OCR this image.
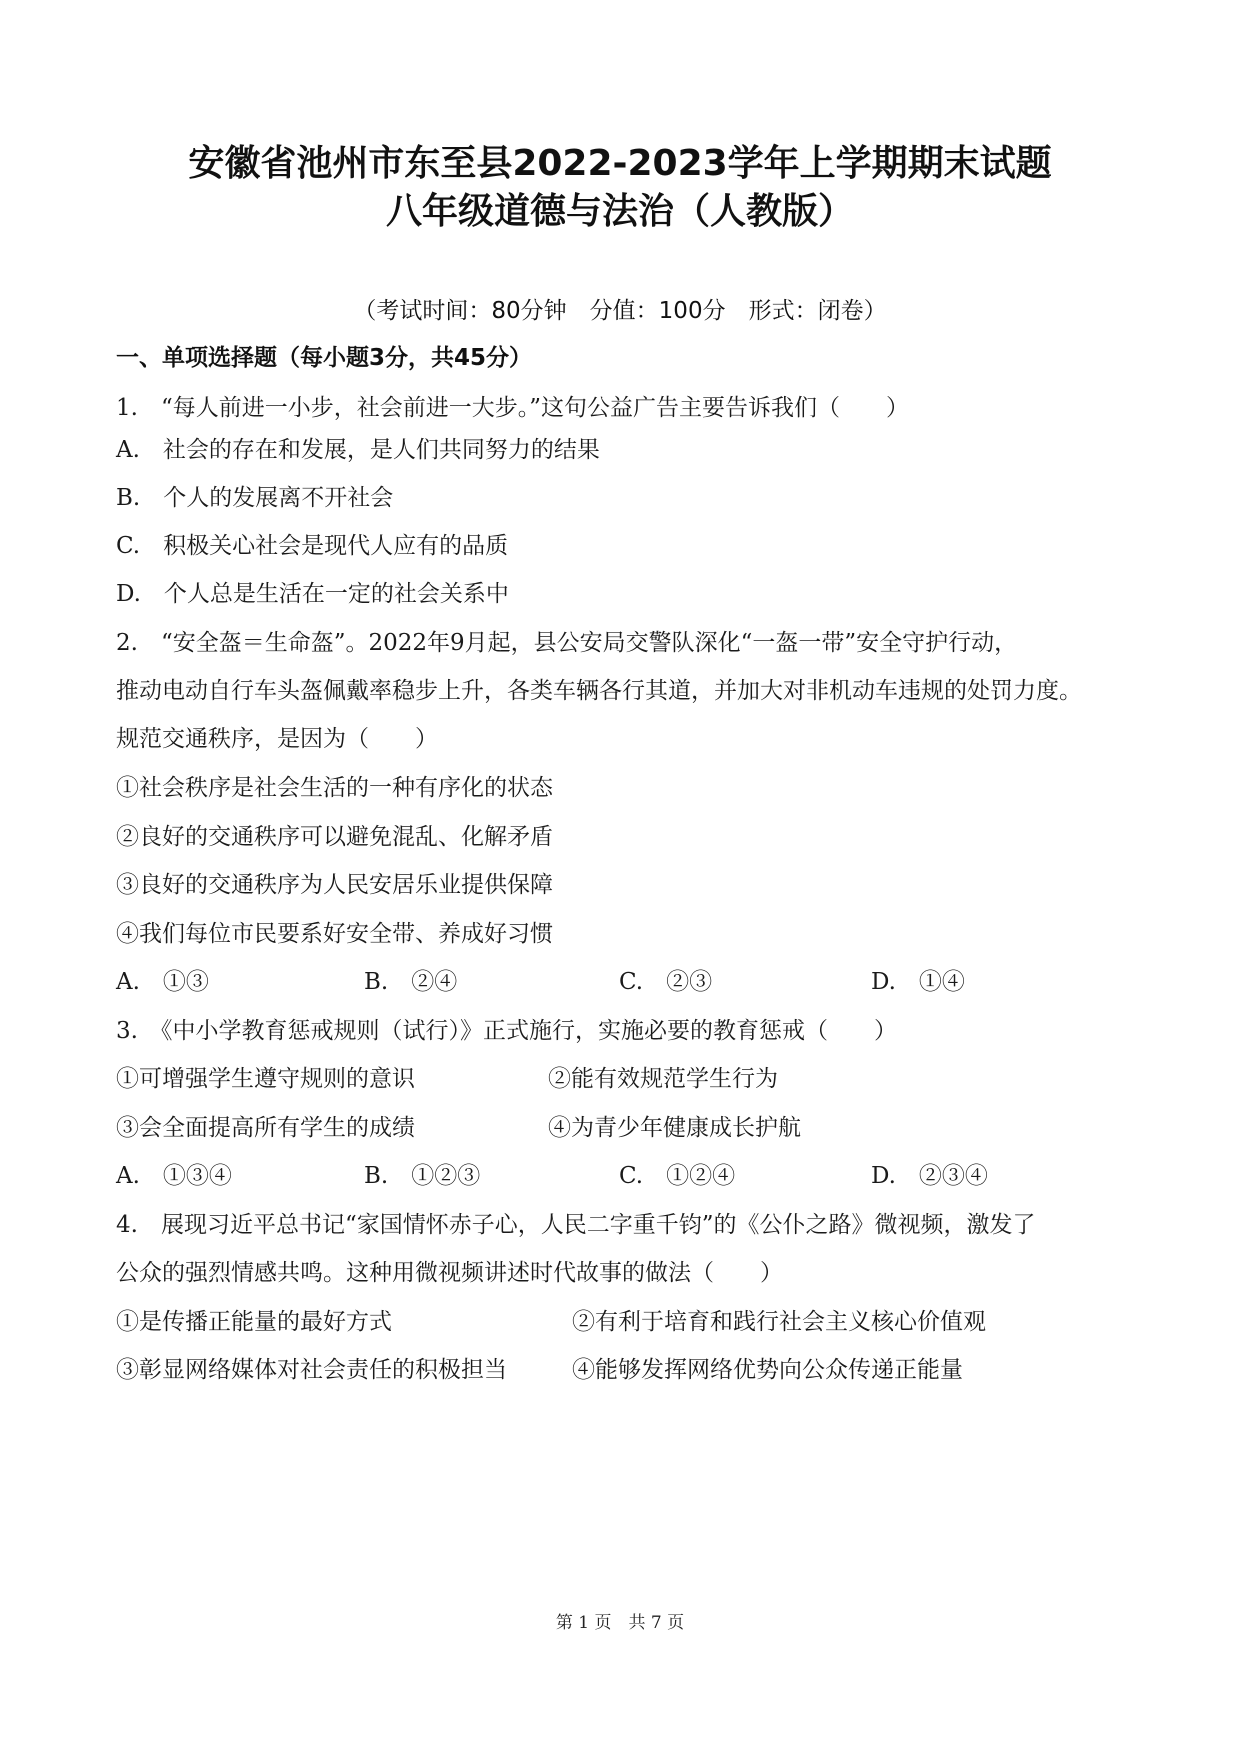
安徽省池州市东至县2022-2023学年上学期期末试题
八年级道德与法治（人教版）
（考试时间：80分钟　分值：100分　形式：闭卷）
一、单项选择题（每小题3分，共45分）
1.　“每人前进一小步，社会前进一大步。”这句公益广告主要告诉我们（　　）
A.　社会的存在和发展，是人们共同努力的结果
B.　个人的发展离不开社会
C.　积极关心社会是现代人应有的品质
D.　个人总是生活在一定的社会关系中
2.　“安全盔＝生命盔”。2022年9月起，县公安局交警队深化“一盔一带”安全守护行动，
推动电动自行车头盔佩戴率稳步上升，各类车辆各行其道，并加大对非机动车违规的处罚力度。
规范交通秩序，是因为（　　）
①社会秩序是社会生活的一种有序化的状态
②良好的交通秩序可以避免混乱、化解矛盾
③良好的交通秩序为人民安居乐业提供保障
④我们每位市民要系好安全带、养成好习惯
A.　①③	B.　②④	C.　②③	D.　①④
3.　《中小学教育惩戒规则（试行）》正式施行，实施必要的教育惩戒（　　）
①可增强学生遵守规则的意识	②能有效规范学生行为
③会全面提高所有学生的成绩	④为青少年健康成长护航
A.　①③④	B.　①②③	C.　①②④	D.　②③④
4.　展现习近平总书记“家国情怀赤子心，人民二字重千钧”的《公仆之路》微视频，激发了
公众的强烈情感共鸣。这种用微视频讲述时代故事的做法（　　）
①是传播正能量的最好方式	②有利于培育和践行社会主义核心价值观
③彰显网络媒体对社会责任的积极担当	④能够发挥网络优势向公众传递正能量
第 1 页　共 7 页
